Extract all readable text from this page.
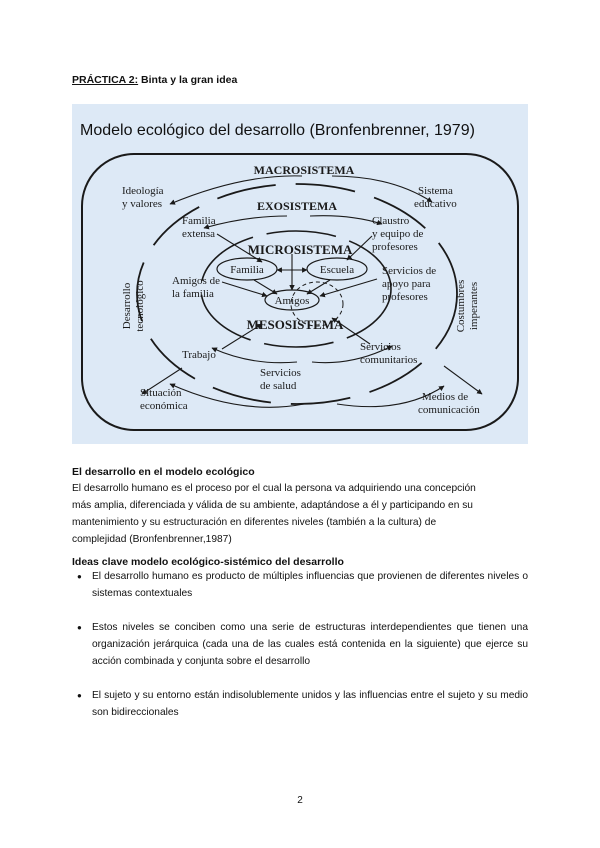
PRÁCTICA 2: Binta y la gran idea
Modelo ecológico del desarrollo (Bronfenbrenner, 1979)
MACROSISTEMA
EXOSISTEMA
MICROSISTEMA
MESOSISTEMA
Ideología
y valores
Sistema
educativo
Familia
extensa
Claustro
y equipo de
profesores
Amigos de
la familia
Servicios de
apoyo para
profesores
Familia	Escuela
Amigos
Trabajo
Servicios
comunitarios
Servicios
de salud
Situación
económica
Medios de
comunicación
Desarrollo tecnológico	Costumbres imperantes
El desarrollo en el modelo ecológico
El desarrollo humano es el proceso por el cual la persona va adquiriendo una concepción
más amplia, diferenciada y válida de su ambiente, adaptándose a él y participando en su
mantenimiento y su estructuración en diferentes niveles (también a la cultura) de
complejidad (Bronfenbrenner,1987)
Ideas clave modelo ecológico-sistémico del desarrollo
● El desarrollo humano es producto de múltiples influencias que provienen de diferentes niveles o sistemas contextuales
● Estos niveles se conciben como una serie de estructuras interdependientes que tienen una organización jerárquica (cada una de las cuales está contenida en la siguiente) que ejerce su acción combinada y conjunta sobre el desarrollo
● El sujeto y su entorno están indisolublemente unidos y las influencias entre el sujeto y su medio son bidireccionales
2
